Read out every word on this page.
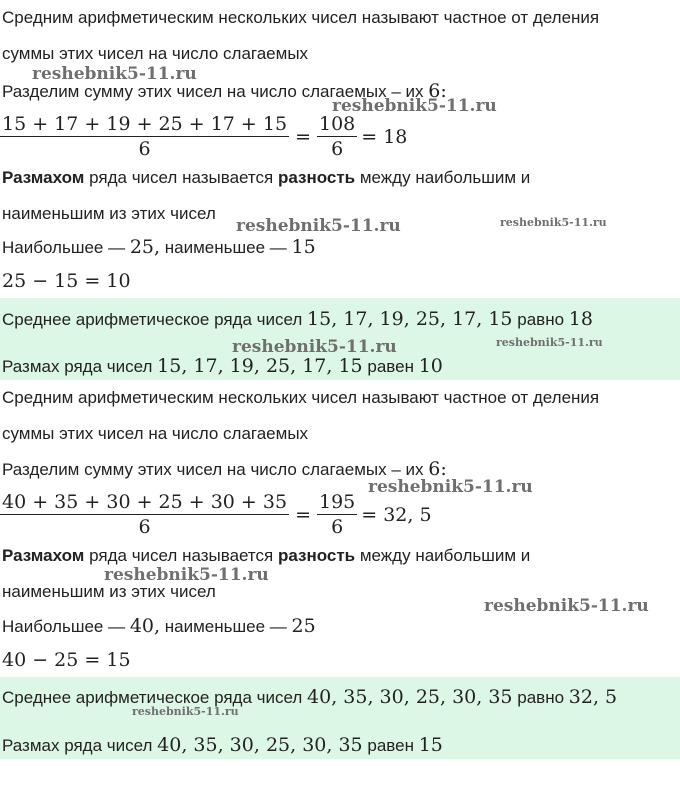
Средним арифметическим нескольких чисел называют частное от деления
суммы этих чисел на число слагаемых
Разделим сумму этих чисел на число слагаемых – их 6:
$\frac{15 + 17 + 19 + 25 + 17 + 15}{6} = \frac{108}{6} = 18$
Размахом ряда чисел называется разность между наибольшим и
наименьшим из этих чисел
Наибольшее — 25, наименьшее — 15
25 − 15 = 10
Среднее арифметическое ряда чисел 15, 17, 19, 25, 17, 15 равно 18
Размах ряда чисел 15, 17, 19, 25, 17, 15 равен 10
Средним арифметическим нескольких чисел называют частное от деления
суммы этих чисел на число слагаемых
Разделим сумму этих чисел на число слагаемых – их 6:
$\frac{40 + 35 + 30 + 25 + 30 + 35}{6} = \frac{195}{6} = 32$, 5
Размахом ряда чисел называется разность между наибольшим и
наименьшим из этих чисел
Наибольшее — 40, наименьшее — 25
40 − 25 = 15
Среднее арифметическое ряда чисел 40, 35, 30, 25, 30, 35 равно 32, 5
Размах ряда чисел 40, 35, 30, 25, 30, 35 равен 15
reshebnik5-11.ru
reshebnik5-11.ru
reshebnik5-11.ru	reshebnik5-11.ru
reshebnik5-11.ru	reshebnik5-11.ru
reshebnik5-11.ru
reshebnik5-11.ru
reshebnik5-11.ru
reshebnik5-11.ru
